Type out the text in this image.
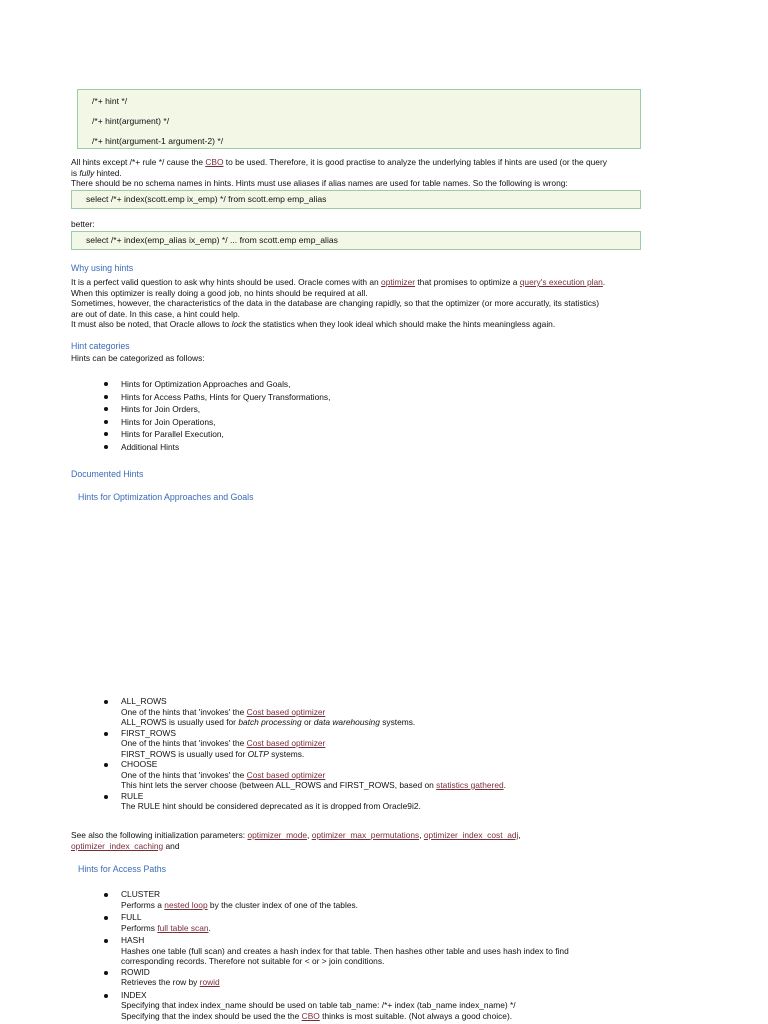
/*+ hint */
/*+ hint(argument) */
/*+ hint(argument-1 argument-2) */
All hints except /*+ rule */ cause the CBO to be used. Therefore, it is good practise to analyze the underlying tables if hints are used (or the query
is fully hinted.
There should be no schema names in hints. Hints must use aliases if alias names are used for table names. So the following is wrong:
select /*+ index(scott.emp ix_emp) */ from scott.emp emp_alias
better:
select /*+ index(emp_alias ix_emp) */ ... from scott.emp emp_alias
Why using hints
It is a perfect valid question to ask why hints should be used. Oracle comes with an optimizer that promises to optimize a query's execution plan.
When this optimizer is really doing a good job, no hints should be required at all.
Sometimes, however, the characteristics of the data in the database are changing rapidly, so that the optimizer (or more accuratly, its statistics)
are out of date. In this case, a hint could help.
It must also be noted, that Oracle allows to lock the statistics when they look ideal which should make the hints meaningless again.
Hint categories
Hints can be categorized as follows:
Hints for Optimization Approaches and Goals,
Hints for Access Paths, Hints for Query Transformations,
Hints for Join Orders,
Hints for Join Operations,
Hints for Parallel Execution,
Additional Hints
Documented Hints
Hints for Optimization Approaches and Goals
ALL_ROWS
One of the hints that 'invokes' the Cost based optimizer
ALL_ROWS is usually used for batch processing or data warehousing systems.
FIRST_ROWS
One of the hints that 'invokes' the Cost based optimizer
FIRST_ROWS is usually used for OLTP systems.
CHOOSE
One of the hints that 'invokes' the Cost based optimizer
This hint lets the server choose (between ALL_ROWS and FIRST_ROWS, based on statistics gathered.
RULE
The RULE hint should be considered deprecated as it is dropped from Oracle9i2.
See also the following initialization parameters: optimizer_mode, optimizer_max_permutations, optimizer_index_cost_adj,
optimizer_index_caching and
Hints for Access Paths
CLUSTER
Performs a nested loop by the cluster index of one of the tables.
FULL
Performs full table scan.
HASH
Hashes one table (full scan) and creates a hash index for that table. Then hashes other table and uses hash index to find
corresponding records. Therefore not suitable for < or > join conditions.
ROWID
Retrieves the row by rowid
INDEX
Specifying that index index_name should be used on table tab_name: /*+ index (tab_name index_name) */
Specifying that the index should be used the the CBO thinks is most suitable. (Not always a good choice).
